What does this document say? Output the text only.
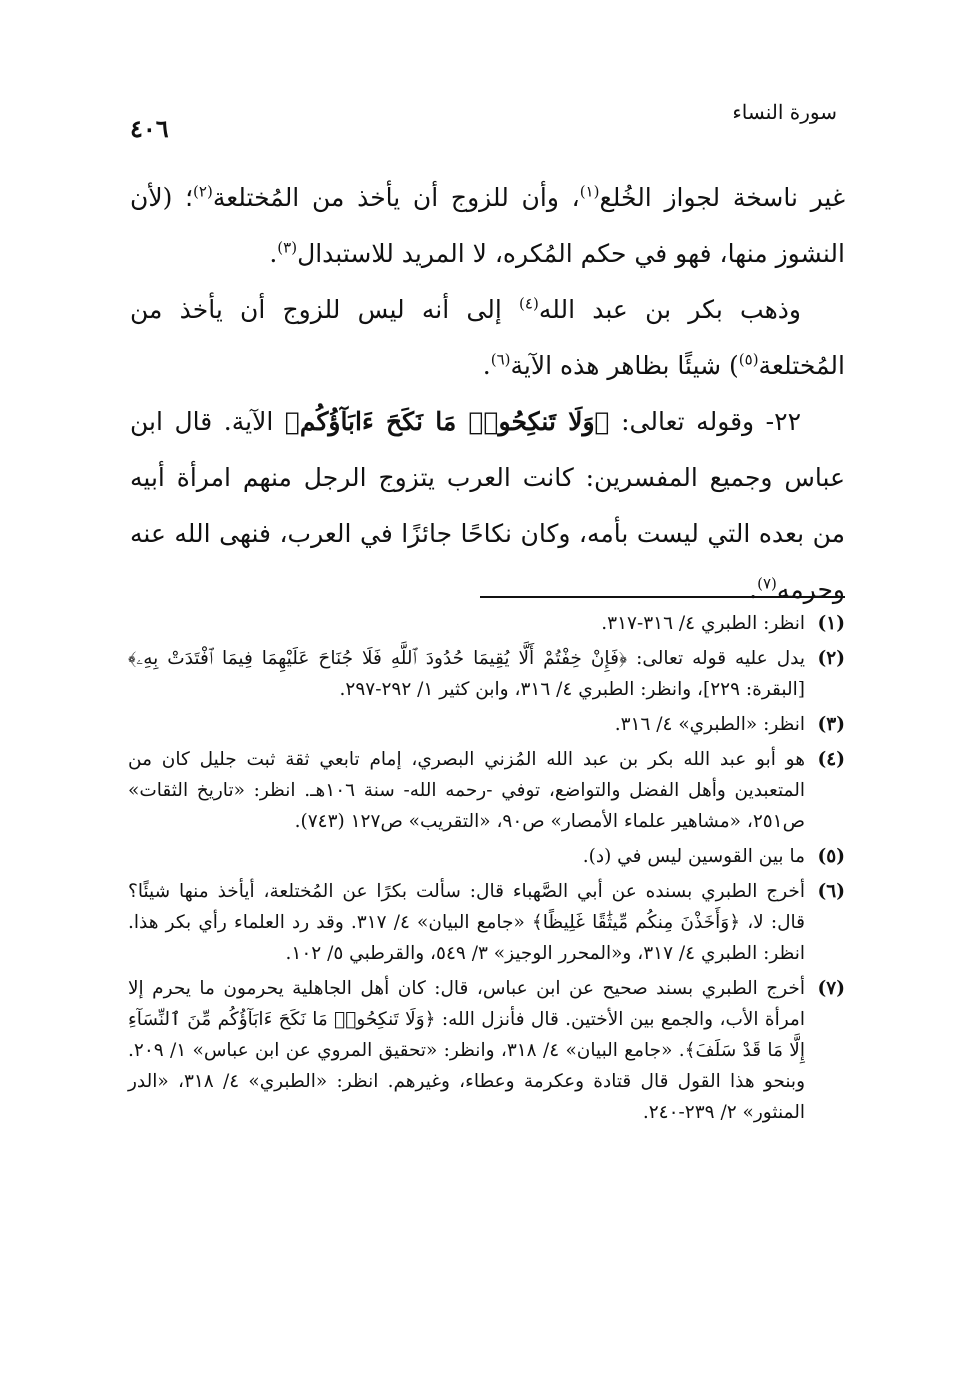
سورة النساء
٤٠٦

غير ناسخة لجواز الخُلع$^{(١)}$، وأن للزوج أن يأخذ من المُختلعة$^{(٢)}$؛ (لأن النشوز منها، فهو في حكم المُكره، لا المريد للاستبدال$^{(٣)}$.

وذهب بكر بن عبد الله$^{(٤)}$ إلى أنه ليس للزوج أن يأخذ من المُختلعة$^{(٥)}$) شيئًا بظاهر هذه الآية$^{(٦)}$.

٢٢- وقوله تعالى: ﴿وَلَا تَنكِحُوا۟ مَا نَكَحَ ءَابَآؤُكُم﴾ الآية. قال ابن عباس وجميع المفسرين: كانت العرب يتزوج الرجل منهم امرأة أبيه من بعده التي ليست بأمه، وكان نكاحًا جائزًا في العرب، فنهى الله عنه وحرمه$^{(٧)}$.

(١)
انظر: الطبري ٤/ ٣١٦-٣١٧.
(٢)
يدل عليه قوله تعالى: ﴿فَإِنْ خِفْتُمْ أَلَّا يُقِيمَا حُدُودَ ٱللَّهِ فَلَا جُنَاحَ عَلَيْهِمَا فِيمَا ٱفْتَدَتْ بِهِۦ﴾ [البقرة: ٢٢٩]، وانظر: الطبري ٤/ ٣١٦، وابن كثير ١/ ٢٩٢-٢٩٧.
(٣)
انظر: «الطبري» ٤/ ٣١٦.
(٤)
هو أبو عبد الله بكر بن عبد الله المُزني البصري، إمام تابعي ثقة ثبت جليل كان من المتعبدين وأهل الفضل والتواضع، توفي -رحمه الله- سنة ١٠٦هـ. انظر: «تاريخ الثقات» ص٢٥١، «مشاهير علماء الأمصار» ص٩٠، «التقريب» ص١٢٧ (٧٤٣).
(٥)
ما بين القوسين ليس في (د).
(٦)
أخرج الطبري بسنده عن أبي الصَّهباء قال: سألت بكرًا عن المُختلعة، أيأخذ منها شيئًا؟ قال: لا، ﴿وَأَخَذْنَ مِنكُم مِّيثَٰقًا غَلِيظًا﴾ «جامع البيان» ٤/ ٣١٧. وقد رد العلماء رأي بكر هذا. انظر: الطبري ٤/ ٣١٧، و«المحرر الوجيز» ٣/ ٥٤٩، والقرطبي ٥/ ١٠٢.
(٧)
أخرج الطبري بسند صحيح عن ابن عباس، قال: كان أهل الجاهلية يحرمون ما يحرم إلا امرأة الأب، والجمع بين الأختين. قال فأنزل الله: ﴿وَلَا تَنكِحُوا۟ مَا نَكَحَ ءَابَآؤُكُم مِّنَ ٱلنِّسَآءِ إِلَّا مَا قَدْ سَلَفَ﴾. «جامع البيان» ٤/ ٣١٨، وانظر: «تحقيق المروي عن ابن عباس» ١/ ٢٠٩. وبنحو هذا القول قال قتادة وعكرمة وعطاء، وغيرهم. انظر: «الطبري» ٤/ ٣١٨، «الدر المنثور» ٢/ ٢٣٩-٢٤٠.
